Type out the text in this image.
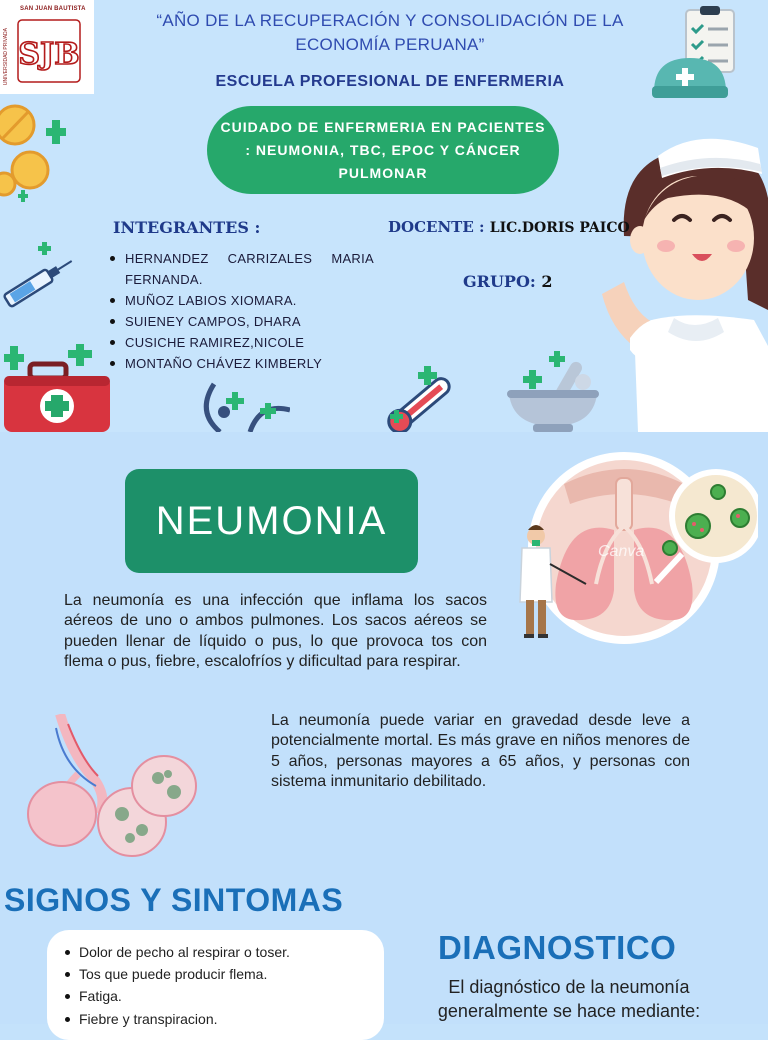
SAN JUAN BAUTISTA
UNIVERSIDAD PRIVADA SJB
“AÑO DE LA RECUPERACIÓN Y CONSOLIDACIÓN DE LA
ECONOMÍA PERUANA”
ESCUELA PROFESIONAL DE ENFERMERIA
CUIDADO DE ENFERMERIA EN PACIENTES : NEUMONIA, TBC, EPOC Y CÁNCER PULMONAR
INTEGRANTES :
HERNANDEZ CARRIZALES MARIA FERNANDA.
MUÑOZ LABIOS XIOMARA.
SUIENEY CAMPOS, DHARA
CUSICHE RAMIREZ,NICOLE
MONTAÑO CHÁVEZ KIMBERLY
DOCENTE : LIC.DORIS PAICO
GRUPO: 2
NEUMONIA
Canva
La neumonía es una infección que inflama los sacos aéreos de uno o ambos pulmones. Los sacos aéreos se pueden llenar de líquido o pus, lo que provoca tos con flema o pus, fiebre, escalofríos y dificultad para respirar.
La neumonía puede variar en gravedad desde leve a potencialmente mortal. Es más grave en niños menores de 5 años, personas mayores a 65 años, y personas con sistema inmunitario debilitado.
SIGNOS Y SINTOMAS
Dolor de pecho al respirar o toser.
Tos que puede producir flema.
Fatiga.
Fiebre y transpiracion.
DIAGNOSTICO
El diagnóstico de la neumonía generalmente se hace mediante:
